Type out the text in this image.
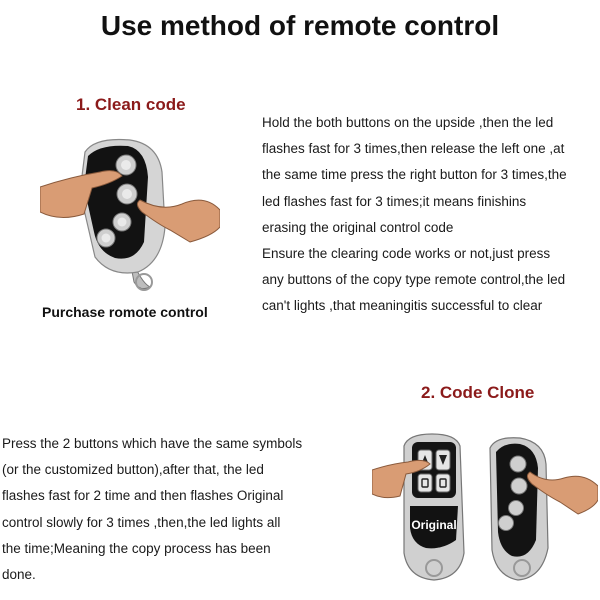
Use method of remote control
1. Clean code
Purchase romote control
Hold the both buttons on the upside ,then the led
flashes fast for 3 times,then release the left one ,at
the same time press the right button for 3 times,the
led flashes fast for 3 times;it means finishins
erasing the original control code
Ensure the clearing code works or not,just press
any buttons of the copy type remote control,the led
can't lights ,that meaningitis successful to clear
2. Code Clone
Press the 2 buttons which have the same symbols
(or the customized button),after that, the led
flashes fast for 2 time and then flashes Original
control slowly for 3 times ,then,the led lights all
the time;Meaning the copy process has been
done.
Original
